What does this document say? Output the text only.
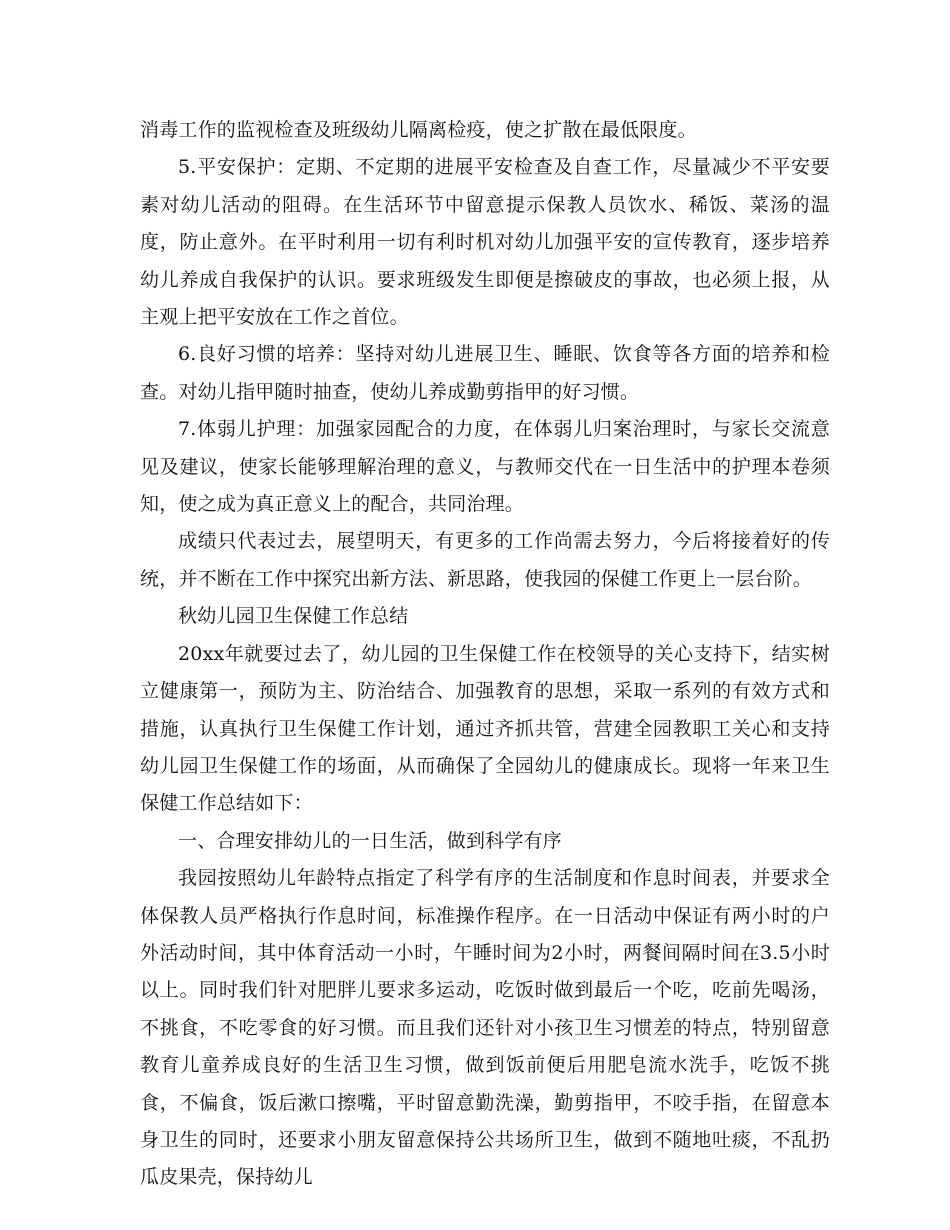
消毒工作的监视检查及班级幼儿隔离检疫，使之扩散在最低限度。

5.平安保护：定期、不定期的进展平安检查及自查工作，尽量减少不平安要素对幼儿活动的阻碍。在生活环节中留意提示保教人员饮水、稀饭、菜汤的温度，防止意外。在平时利用一切有利时机对幼儿加强平安的宣传教育，逐步培养幼儿养成自我保护的认识。要求班级发生即便是擦破皮的事故，也必须上报，从主观上把平安放在工作之首位。

6.良好习惯的培养：坚持对幼儿进展卫生、睡眠、饮食等各方面的培养和检查。对幼儿指甲随时抽查，使幼儿养成勤剪指甲的好习惯。

7.体弱儿护理：加强家园配合的力度，在体弱儿归案治理时，与家长交流意见及建议，使家长能够理解治理的意义，与教师交代在一日生活中的护理本卷须知，使之成为真正意义上的配合，共同治理。

成绩只代表过去，展望明天，有更多的工作尚需去努力，今后将接着好的传统，并不断在工作中探究出新方法、新思路，使我园的保健工作更上一层台阶。

秋幼儿园卫生保健工作总结

20xx年就要过去了，幼儿园的卫生保健工作在校领导的关心支持下，结实树立健康第一，预防为主、防治结合、加强教育的思想，采取一系列的有效方式和措施，认真执行卫生保健工作计划，通过齐抓共管，营建全园教职工关心和支持幼儿园卫生保健工作的场面，从而确保了全园幼儿的健康成长。现将一年来卫生保健工作总结如下：

一、合理安排幼儿的一日生活，做到科学有序

我园按照幼儿年龄特点指定了科学有序的生活制度和作息时间表，并要求全体保教人员严格执行作息时间，标准操作程序。在一日活动中保证有两小时的户外活动时间，其中体育活动一小时，午睡时间为2小时，两餐间隔时间在3.5小时以上。同时我们针对肥胖儿要求多运动，吃饭时做到最后一个吃，吃前先喝汤，不挑食，不吃零食的好习惯。而且我们还针对小孩卫生习惯差的特点，特别留意教育儿童养成良好的生活卫生习惯，做到饭前便后用肥皂流水洗手，吃饭不挑食，不偏食，饭后漱口擦嘴，平时留意勤洗澡，勤剪指甲，不咬手指，在留意本身卫生的同时，还要求小朋友留意保持公共场所卫生，做到不随地吐痰，不乱扔瓜皮果壳，保持幼儿
